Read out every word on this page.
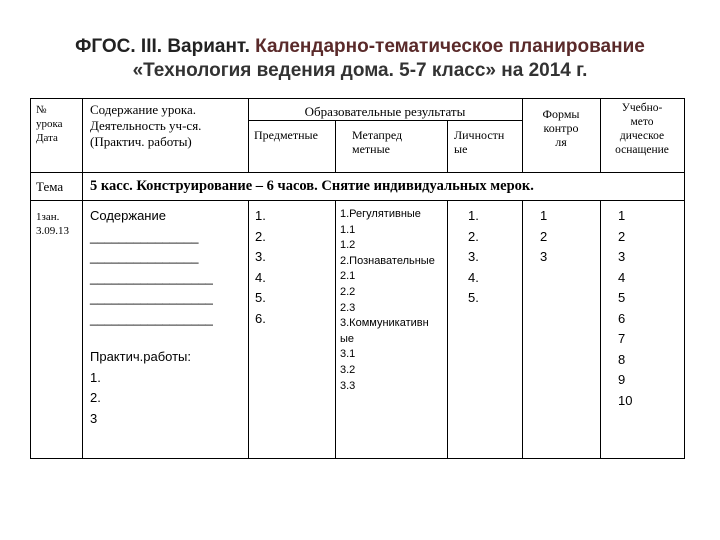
ФГОС. III. Вариант. Календарно-тематическое планирование
«Технология ведения дома. 5-7 класс» на 2014 г.
№
урока
Дата
Содержание урока.
Деятельность уч-ся.
(Практич. работы)
Образовательные результаты
Предметные	Метапред
метные
Личностн
ые
Формы
контро
ля
Учебно-
мето
дическое
оснащение
Тема 5 касс. Конструирование – 6 часов. Снятие индивидуальных мерок.
1зан.
3.09.13
Содержание
_______________
_______________
_________________
_________________
_________________
Практич.работы:
1.
2.
3
1.
2.
3.
4.
5.
6.
1.Регулятивные
1.1
1.2
2.Познавательные
2.1
2.2
2.3
3.Коммуникативн
ые
3.1
3.2
3.3
1.
2.
3.
4.
5.
1
2
3
1
2
3
4
5
6
7
8
9
10
